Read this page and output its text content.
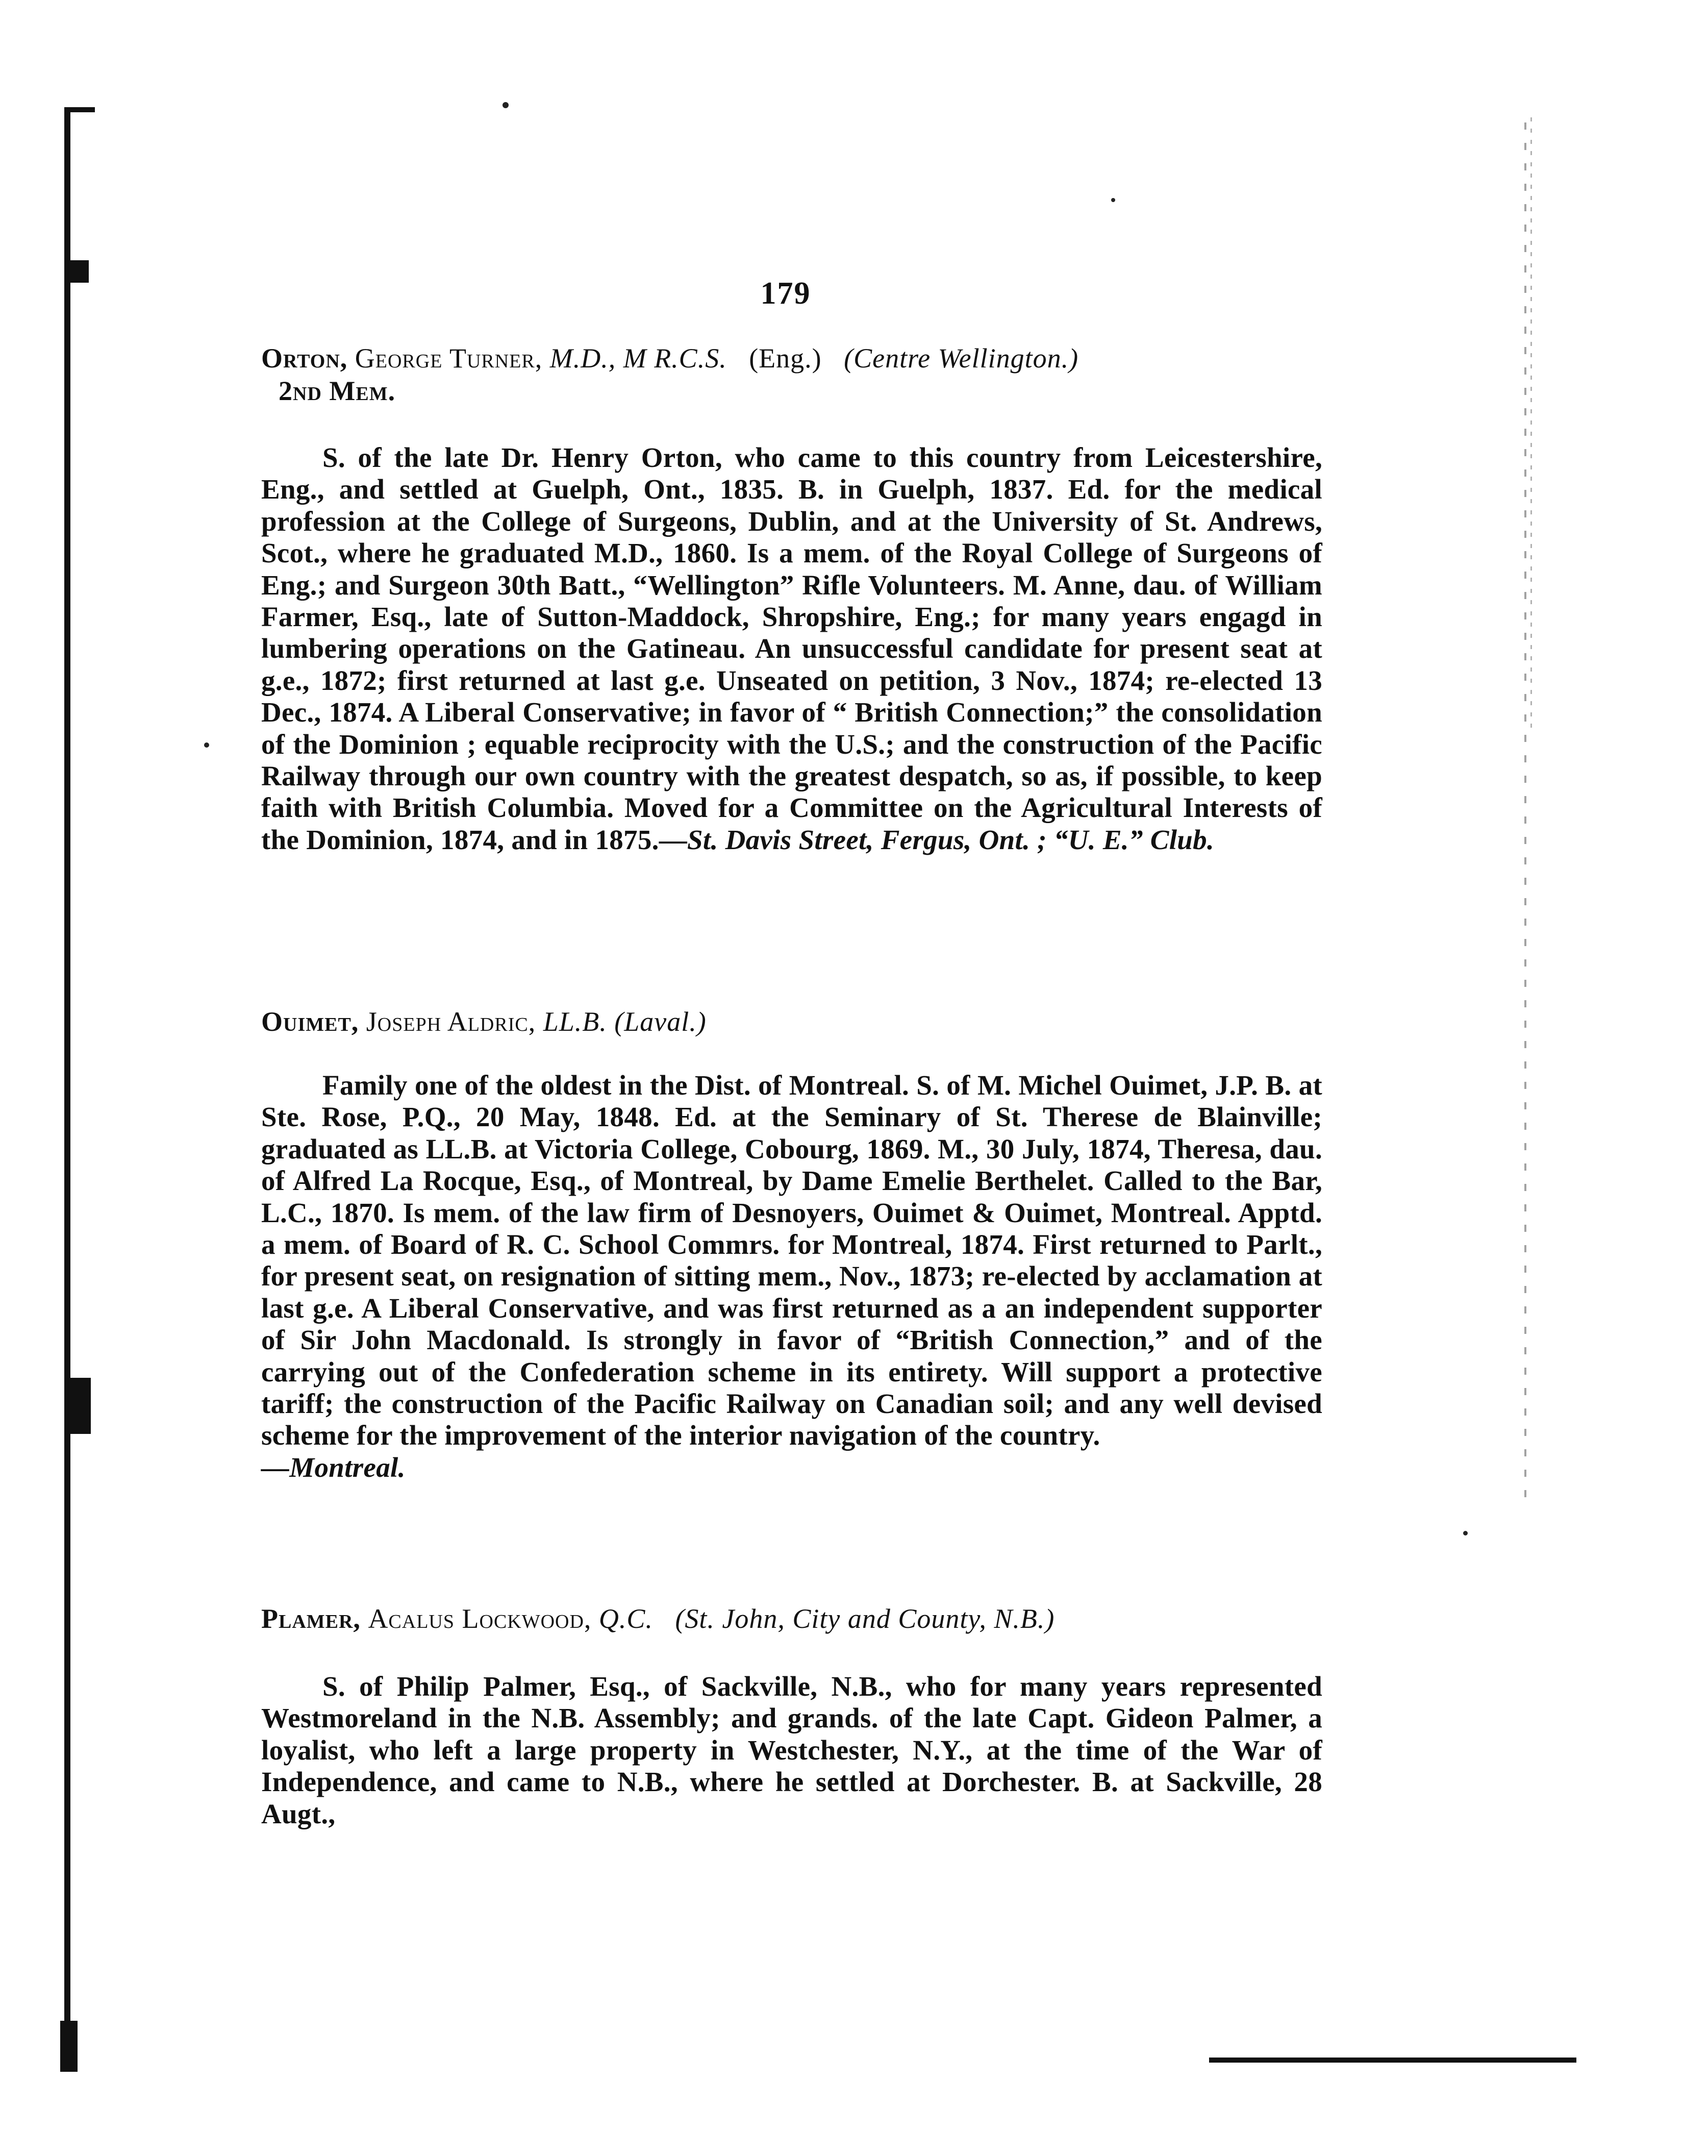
179

Orton, George Turner, M.D., M R.C.S. (Eng.) (Centre Wellington.)
2nd Mem.

S. of the late Dr. Henry Orton, who came to this country from Leicestershire, Eng., and settled at Guelph, Ont., 1835. B. in Guelph, 1837. Ed. for the medical profession at the College of Surgeons, Dublin, and at the University of St. Andrews, Scot., where he graduated M.D., 1860. Is a mem. of the Royal College of Surgeons of Eng.; and Surgeon 30th Batt., “Wellington” Rifle Volunteers. M. Anne, dau. of William Farmer, Esq., late of Sutton-Maddock, Shropshire, Eng.; for many years engagd in lumbering operations on the Gatineau. An unsuccessful candidate for present seat at g.e., 1872; first returned at last g.e. Unseated on petition, 3 Nov., 1874; re-elected 13 Dec., 1874. A Liberal Conservative; in favor of “ British Connection;” the consolidation of the Dominion ; equable reciprocity with the U.S.; and the construction of the Pacific Railway through our own country with the greatest despatch, so as, if possible, to keep faith with British Columbia. Moved for a Committee on the Agricultural Interests of the Dominion, 1874, and in 1875.—St. Davis Street, Fergus, Ont. ; “U. E.” Club.

Ouimet, Joseph Aldric, LL.B. (Laval.)

Family one of the oldest in the Dist. of Montreal. S. of M. Michel Ouimet, J.P. B. at Ste. Rose, P.Q., 20 May, 1848. Ed. at the Seminary of St. Therese de Blainville; graduated as LL.B. at Victoria College, Cobourg, 1869. M., 30 July, 1874, Theresa, dau. of Alfred La Rocque, Esq., of Montreal, by Dame Emelie Berthelet. Called to the Bar, L.C., 1870. Is mem. of the law firm of Desnoyers, Ouimet & Ouimet, Montreal. Apptd. a mem. of Board of R. C. School Commrs. for Montreal, 1874. First returned to Parlt., for present seat, on resignation of sitting mem., Nov., 1873; re-elected by acclamation at last g.e. A Liberal Conservative, and was first returned as a an independent supporter of Sir John Macdonald. Is strongly in favor of “British Connection,” and of the carrying out of the Confederation scheme in its entirety. Will support a protective tariff; the construction of the Pacific Railway on Canadian soil; and any well devised scheme for the improvement of the interior navigation of the country.
—Montreal.

Plamer, Acalus Lockwood, Q.C. (St. John, City and County, N.B.)

S. of Philip Palmer, Esq., of Sackville, N.B., who for many years represented Westmoreland in the N.B. Assembly; and grands. of the late Capt. Gideon Palmer, a loyalist, who left a large property in Westchester, N.Y., at the time of the War of Independence, and came to N.B., where he settled at Dorchester. B. at Sackville, 28 Augt.,
